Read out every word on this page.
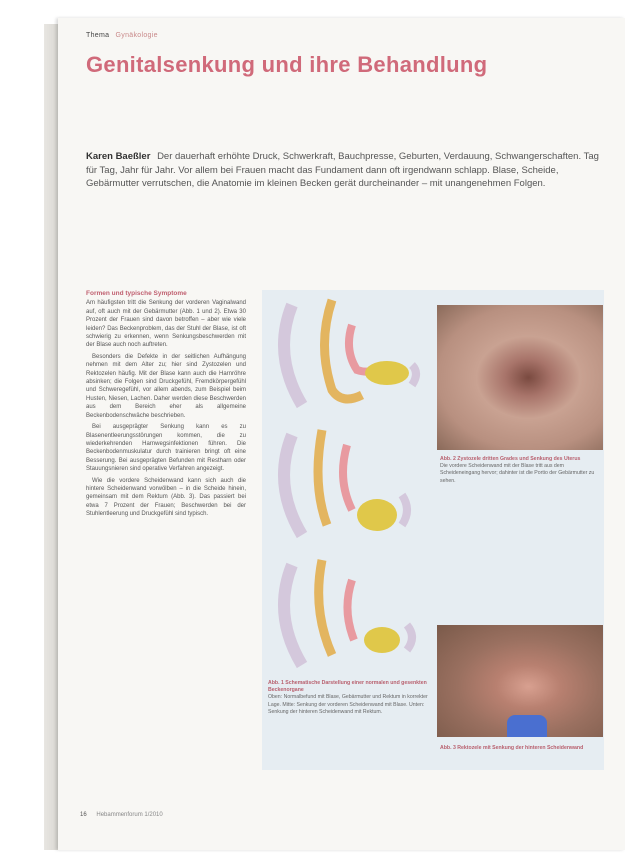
Thema Gynäkologie
Genitalsenkung und ihre Behandlung
Karen Baeßler Der dauerhaft erhöhte Druck, Schwerkraft, Bauchpresse, Geburten, Verdauung, Schwangerschaften. Tag für Tag, Jahr für Jahr. Vor allem bei Frauen macht das Fundament dann oft irgendwann schlapp. Blase, Scheide, Gebärmutter verrutschen, die Anatomie im kleinen Becken gerät durcheinander – mit unangenehmen Folgen.
Formen und typische Symptome

Am häufigsten tritt die Senkung der vorderen Vaginalwand auf, oft auch mit der Gebärmutter (Abb. 1 und 2). Etwa 30 Prozent der Frauen sind davon betroffen – aber wie viele leiden? Das Beckenproblem, das der Stuhl der Blase, ist oft schwierig zu erkennen, wenn Senkungsbeschwerden mit der Blase auch noch auftreten.

Besonders die Defekte in der seitlichen Aufhängung nehmen mit dem Alter zu; hier sind Zystozelen und Rektozelen häufig. Mit der Blase kann auch die Harnröhre absinken; die Folgen sind Druckgefühl, Fremdkörpergefühl und Schweregefühl, vor allem abends, zum Beispiel beim Husten, Niesen, Lachen. Daher werden diese Beschwerden aus dem Bereich eher als allgemeine Beckenbodenschwäche beschrieben.

Bei ausgeprägter Senkung kann es zu Blasenentleerungsstörungen kommen, die zu wiederkehrenden Harnwegsinfektionen führen. Die Beckenbodenmuskulatur durch trainieren bringt oft eine Besserung. Bei ausgeprägten Befunden mit Restharn oder Stauungsnieren sind operative Verfahren angezeigt.

Wie die vordere Scheidenwand kann sich auch die hintere Scheidenwand vorwölben – in die Scheide hinein, gemeinsam mit dem Rektum (Abb. 3). Das passiert bei etwa 7 Prozent der Frauen; Beschwerden bei der Stuhlentleerung und Druckgefühl sind typisch.

Abb. 2 Zystozele dritten Grades und Senkung des Uterus
Die vordere Scheidenwand mit der Blase tritt aus dem Scheideneingang hervor; dahinter ist die Portio der Gebärmutter zu sehen.
Abb. 1 Schematische Darstellung einer normalen und gesenkten Beckenorgane
Oben: Normalbefund mit Blase, Gebärmutter und Rektum in korrekter Lage. Mitte: Senkung der vorderen Scheidenwand mit Blase. Unten: Senkung der hinteren Scheidenwand mit Rektum.
Abb. 3 Rektozele mit Senkung der hinteren Scheidenwand
16 Hebammenforum 1/2010
